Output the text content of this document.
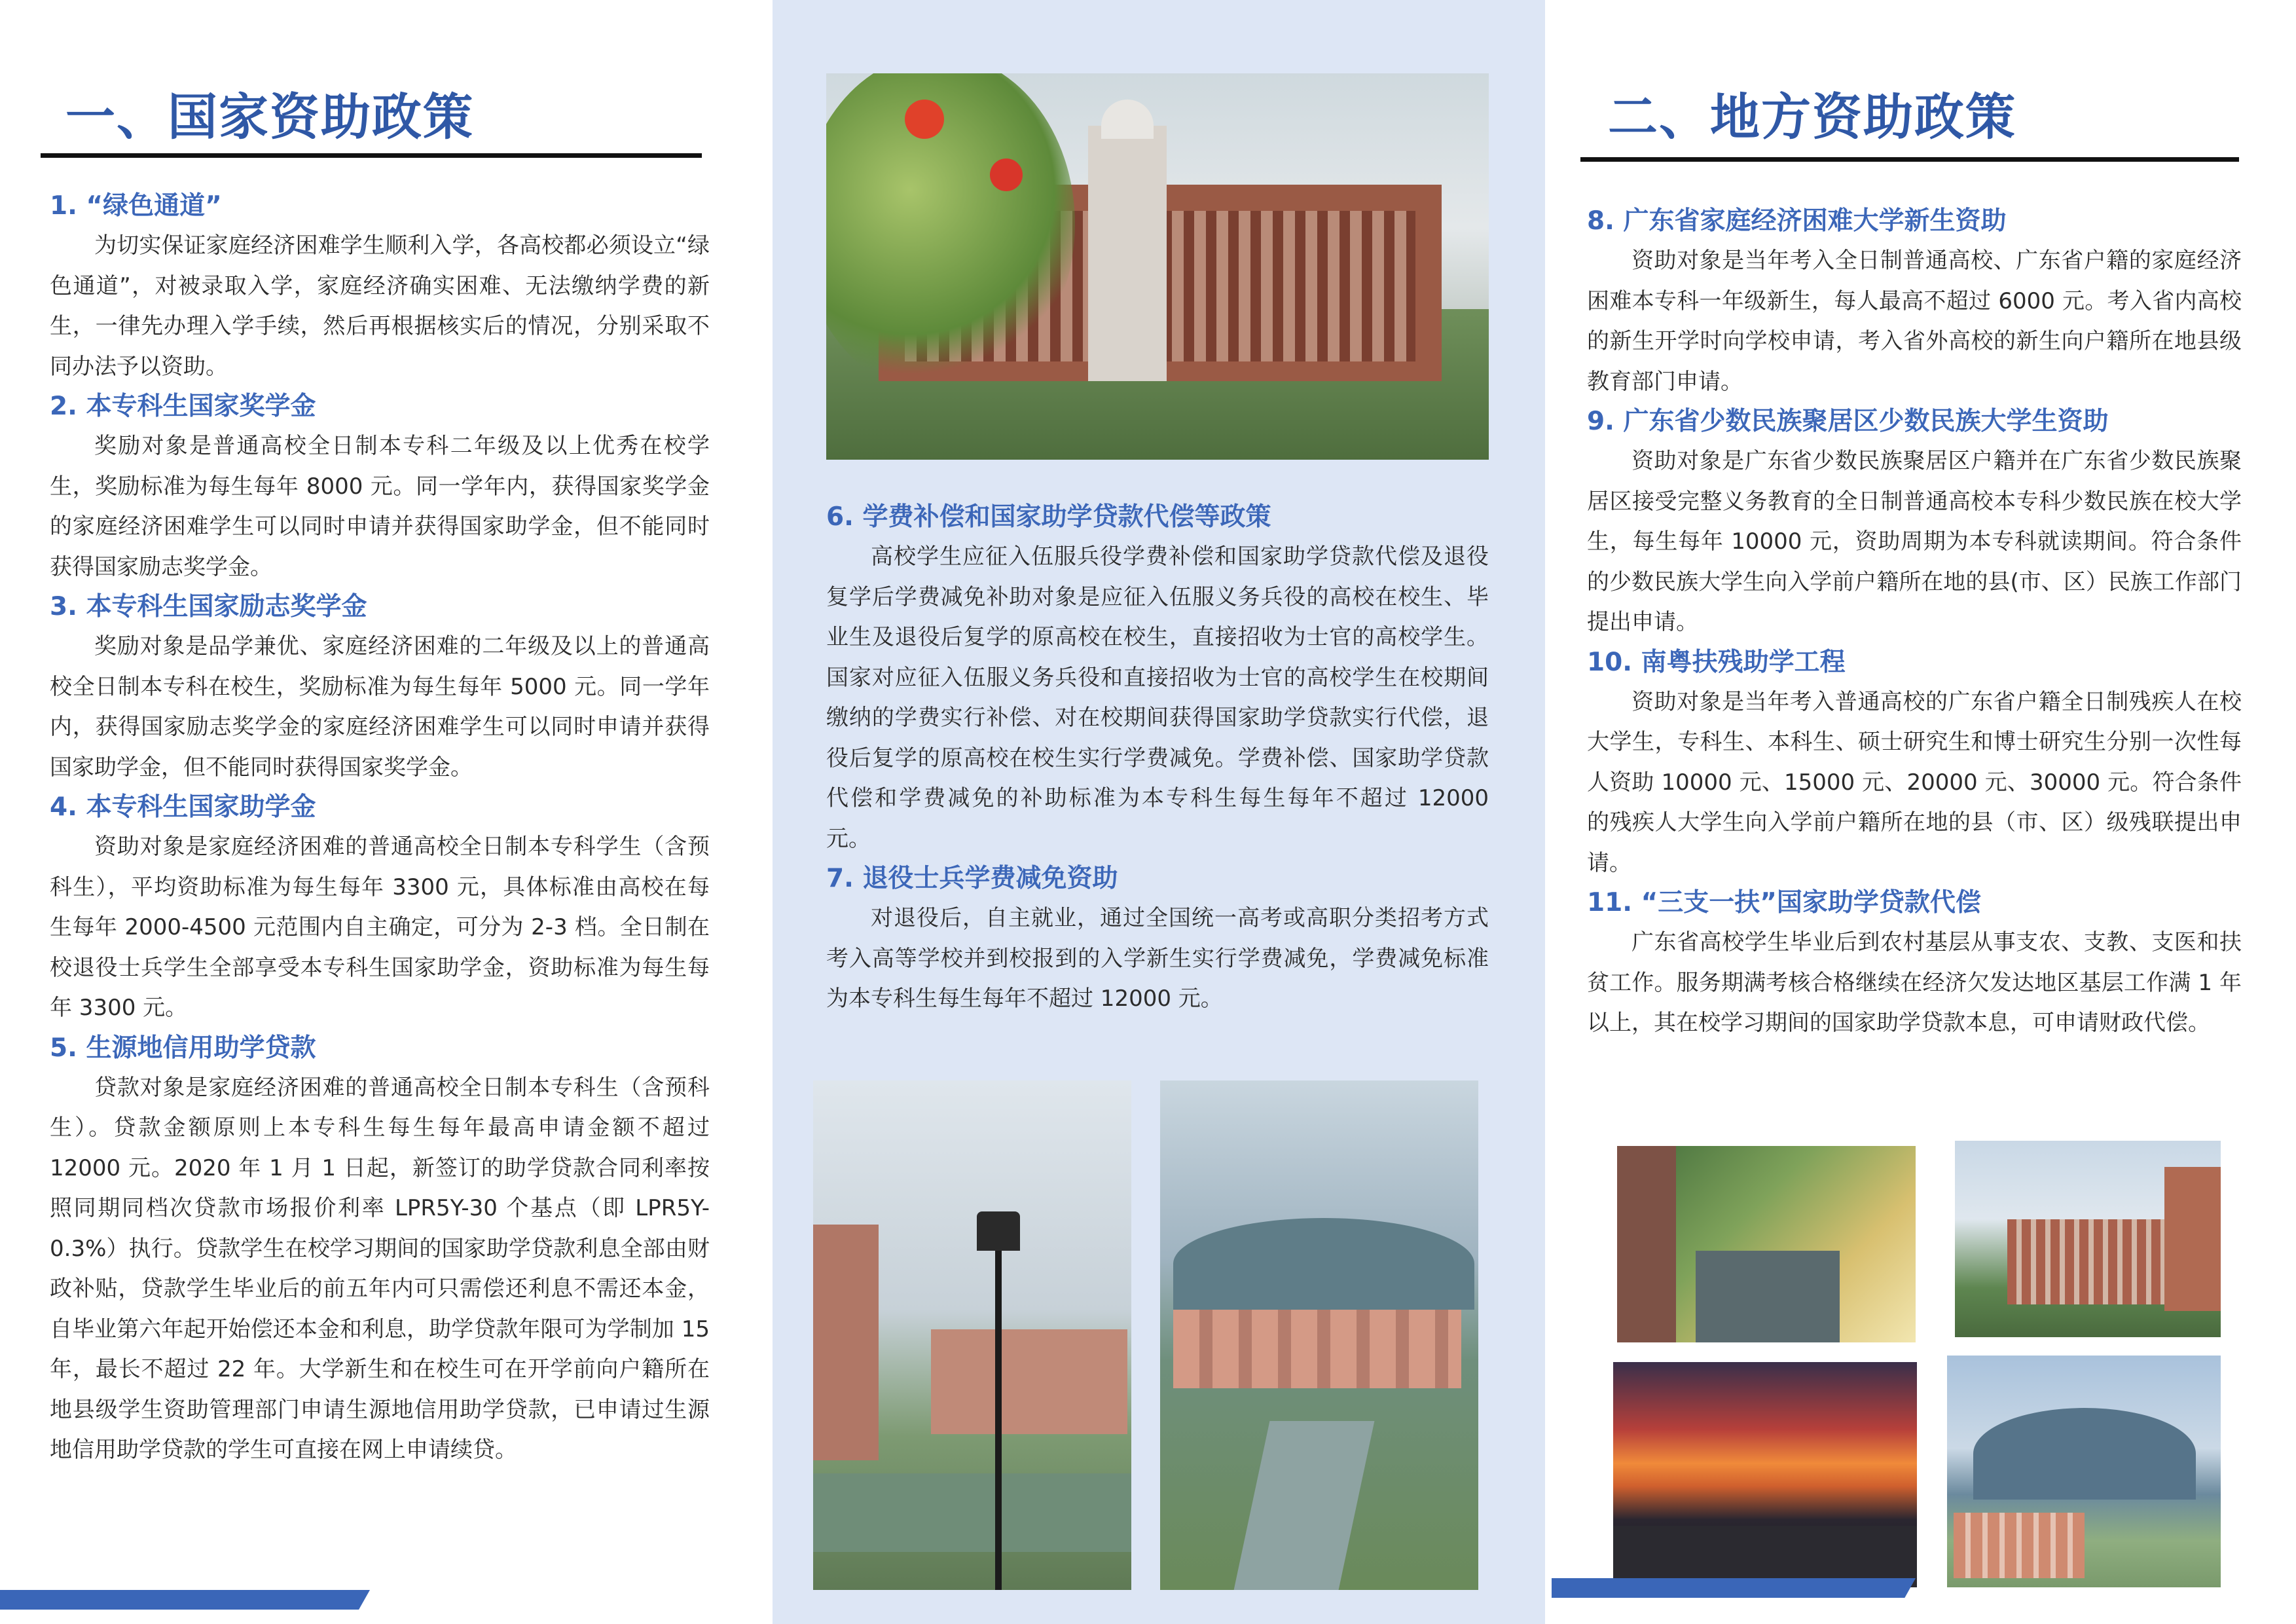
一、国家资助政策

1. “绿色通道”

为切实保证家庭经济困难学生顺利入学，各高校都必须设立“绿色通道”，对被录取入学，家庭经济确实困难、无法缴纳学费的新生，一律先办理入学手续，然后再根据核实后的情况，分别采取不同办法予以资助。

2. 本专科生国家奖学金

奖励对象是普通高校全日制本专科二年级及以上优秀在校学生，奖励标准为每生每年 8000 元。同一学年内，获得国家奖学金的家庭经济困难学生可以同时申请并获得国家助学金，但不能同时获得国家励志奖学金。

3. 本专科生国家励志奖学金

奖励对象是品学兼优、家庭经济困难的二年级及以上的普通高校全日制本专科在校生，奖励标准为每生每年 5000 元。同一学年内，获得国家励志奖学金的家庭经济困难学生可以同时申请并获得国家助学金，但不能同时获得国家奖学金。

4. 本专科生国家助学金

资助对象是家庭经济困难的普通高校全日制本专科学生（含预科生），平均资助标准为每生每年 3300 元，具体标准由高校在每生每年 2000-4500 元范围内自主确定，可分为 2-3 档。全日制在校退役士兵学生全部享受本专科生国家助学金，资助标准为每生每年 3300 元。

5. 生源地信用助学贷款

贷款对象是家庭经济困难的普通高校全日制本专科生（含预科生）。贷款金额原则上本专科生每生每年最高申请金额不超过 12000 元。2020 年 1 月 1 日起，新签订的助学贷款合同利率按照同期同档次贷款市场报价利率 LPR5Y-30 个基点（即 LPR5Y-0.3%）执行。贷款学生在校学习期间的国家助学贷款利息全部由财政补贴，贷款学生毕业后的前五年内可只需偿还利息不需还本金，自毕业第六年起开始偿还本金和利息，助学贷款年限可为学制加 15 年，最长不超过 22 年。大学新生和在校生可在开学前向户籍所在地县级学生资助管理部门申请生源地信用助学贷款，已申请过生源地信用助学贷款的学生可直接在网上申请续贷。

6. 学费补偿和国家助学贷款代偿等政策

高校学生应征入伍服兵役学费补偿和国家助学贷款代偿及退役复学后学费减免补助对象是应征入伍服义务兵役的高校在校生、毕业生及退役后复学的原高校在校生，直接招收为士官的高校学生。国家对应征入伍服义务兵役和直接招收为士官的高校学生在校期间缴纳的学费实行补偿、对在校期间获得国家助学贷款实行代偿，退役后复学的原高校在校生实行学费减免。学费补偿、国家助学贷款代偿和学费减免的补助标准为本专科生每生每年不超过 12000 元。

7. 退役士兵学费减免资助

对退役后，自主就业，通过全国统一高考或高职分类招考方式考入高等学校并到校报到的入学新生实行学费减免，学费减免标准为本专科生每生每年不超过 12000 元。

二、地方资助政策

8. 广东省家庭经济困难大学新生资助

资助对象是当年考入全日制普通高校、广东省户籍的家庭经济困难本专科一年级新生，每人最高不超过 6000 元。考入省内高校的新生开学时向学校申请，考入省外高校的新生向户籍所在地县级教育部门申请。

9. 广东省少数民族聚居区少数民族大学生资助

资助对象是广东省少数民族聚居区户籍并在广东省少数民族聚居区接受完整义务教育的全日制普通高校本专科少数民族在校大学生，每生每年 10000 元，资助周期为本专科就读期间。符合条件的少数民族大学生向入学前户籍所在地的县(市、区）民族工作部门提出申请。

10. 南粤扶残助学工程

资助对象是当年考入普通高校的广东省户籍全日制残疾人在校大学生，专科生、本科生、硕士研究生和博士研究生分别一次性每人资助 10000 元、15000 元、20000 元、30000 元。符合条件的残疾人大学生向入学前户籍所在地的县（市、区）级残联提出申请。

11. “三支一扶”国家助学贷款代偿

广东省高校学生毕业后到农村基层从事支农、支教、支医和扶贫工作。服务期满考核合格继续在经济欠发达地区基层工作满 1 年以上，其在校学习期间的国家助学贷款本息，可申请财政代偿。
